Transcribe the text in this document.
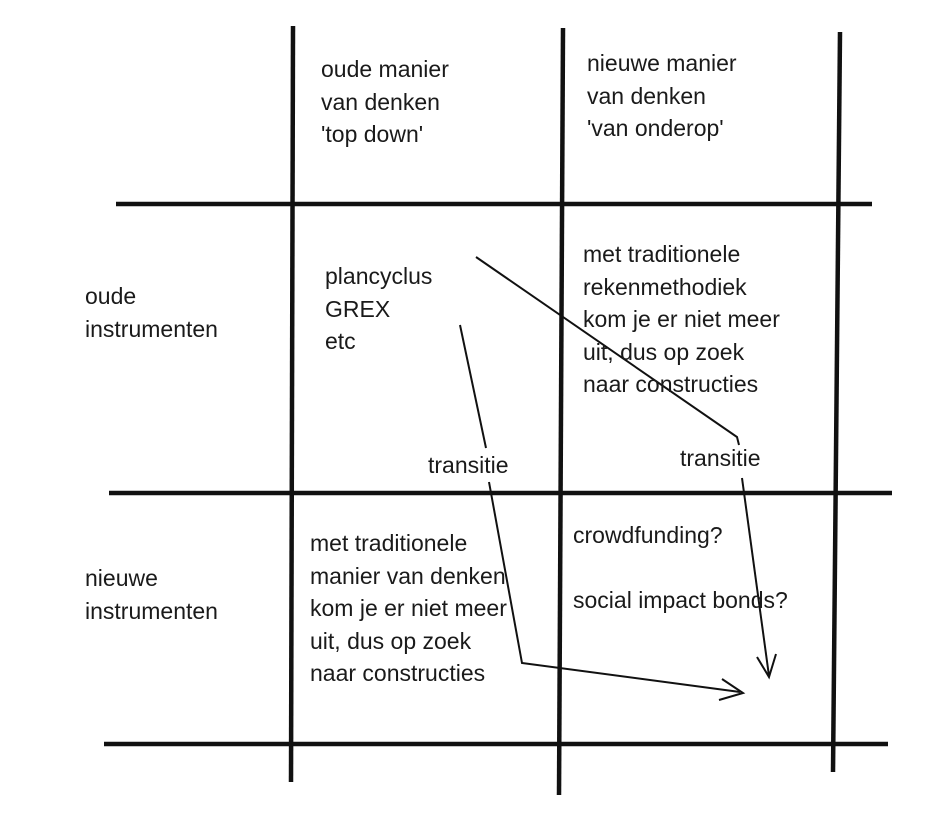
oude manier
van denken
'top down'
nieuwe manier
van denken
'van onderop'
oude
instrumenten
nieuwe
instrumenten
plancyclus
GREX
etc
met traditionele
rekenmethodiek
kom je er niet meer
uit, dus op zoek
naar constructies
met traditionele
manier van denken
kom je er niet meer
uit, dus op zoek
naar constructies
crowdfunding?
social impact bonds?
transitie	transitie
